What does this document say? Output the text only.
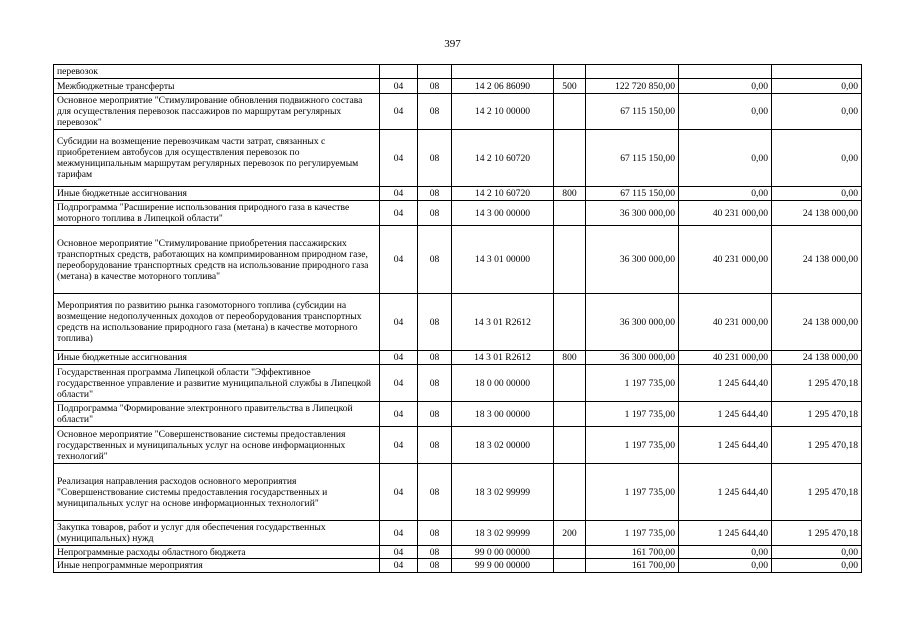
397
перевозок							
Межбюджетные трансферты	04	08	14 2 06 86090	500	122 720 850,00	0,00	0,00
Основное мероприятие "Стимулирование обновления подвижного состава для осуществления перевозок пассажиров по маршрутам регулярных перевозок"	04	08	14 2 10 00000		67 115 150,00	0,00	0,00
Субсидии на возмещение перевозчикам части затрат, связанных с приобретением автобусов для осуществления перевозок по межмуниципальным маршрутам регулярных перевозок по регулируемым тарифам	04	08	14 2 10 60720		67 115 150,00	0,00	0,00
Иные бюджетные ассигнования	04	08	14 2 10 60720	800	67 115 150,00	0,00	0,00
Подпрограмма "Расширение использования природного газа в качестве моторного топлива в Липецкой области"	04	08	14 3 00 00000		36 300 000,00	40 231 000,00	24 138 000,00
Основное мероприятие "Стимулирование приобретения пассажирских транспортных средств, работающих на компримированном природном газе, переоборудование транспортных средств на использование природного газа (метана) в качестве моторного топлива"	04	08	14 3 01 00000		36 300 000,00	40 231 000,00	24 138 000,00
Мероприятия по развитию рынка газомоторного топлива (субсидии на возмещение недополученных доходов от переоборудования транспортных средств на использование природного газа (метана) в качестве моторного топлива)	04	08	14 3 01 R2612		36 300 000,00	40 231 000,00	24 138 000,00
Иные бюджетные ассигнования	04	08	14 3 01 R2612	800	36 300 000,00	40 231 000,00	24 138 000,00
Государственная программа Липецкой области "Эффективное государственное управление и развитие муниципальной службы в Липецкой области"	04	08	18 0 00 00000		1 197 735,00	1 245 644,40	1 295 470,18
Подпрограмма "Формирование электронного правительства в Липецкой области"	04	08	18 3 00 00000		1 197 735,00	1 245 644,40	1 295 470,18
Основное мероприятие "Совершенствование системы предоставления государственных и муниципальных услуг на основе информационных технологий"	04	08	18 3 02 00000		1 197 735,00	1 245 644,40	1 295 470,18
Реализация направления расходов основного мероприятия "Совершенствование системы предоставления государственных и муниципальных услуг на основе информационных технологий"	04	08	18 3 02 99999		1 197 735,00	1 245 644,40	1 295 470,18
Закупка товаров, работ и услуг для обеспечения государственных (муниципальных) нужд	04	08	18 3 02 99999	200	1 197 735,00	1 245 644,40	1 295 470,18
Непрограммные расходы областного бюджета	04	08	99 0 00 00000		161 700,00	0,00	0,00
Иные непрограммные мероприятия	04	08	99 9 00 00000		161 700,00	0,00	0,00
